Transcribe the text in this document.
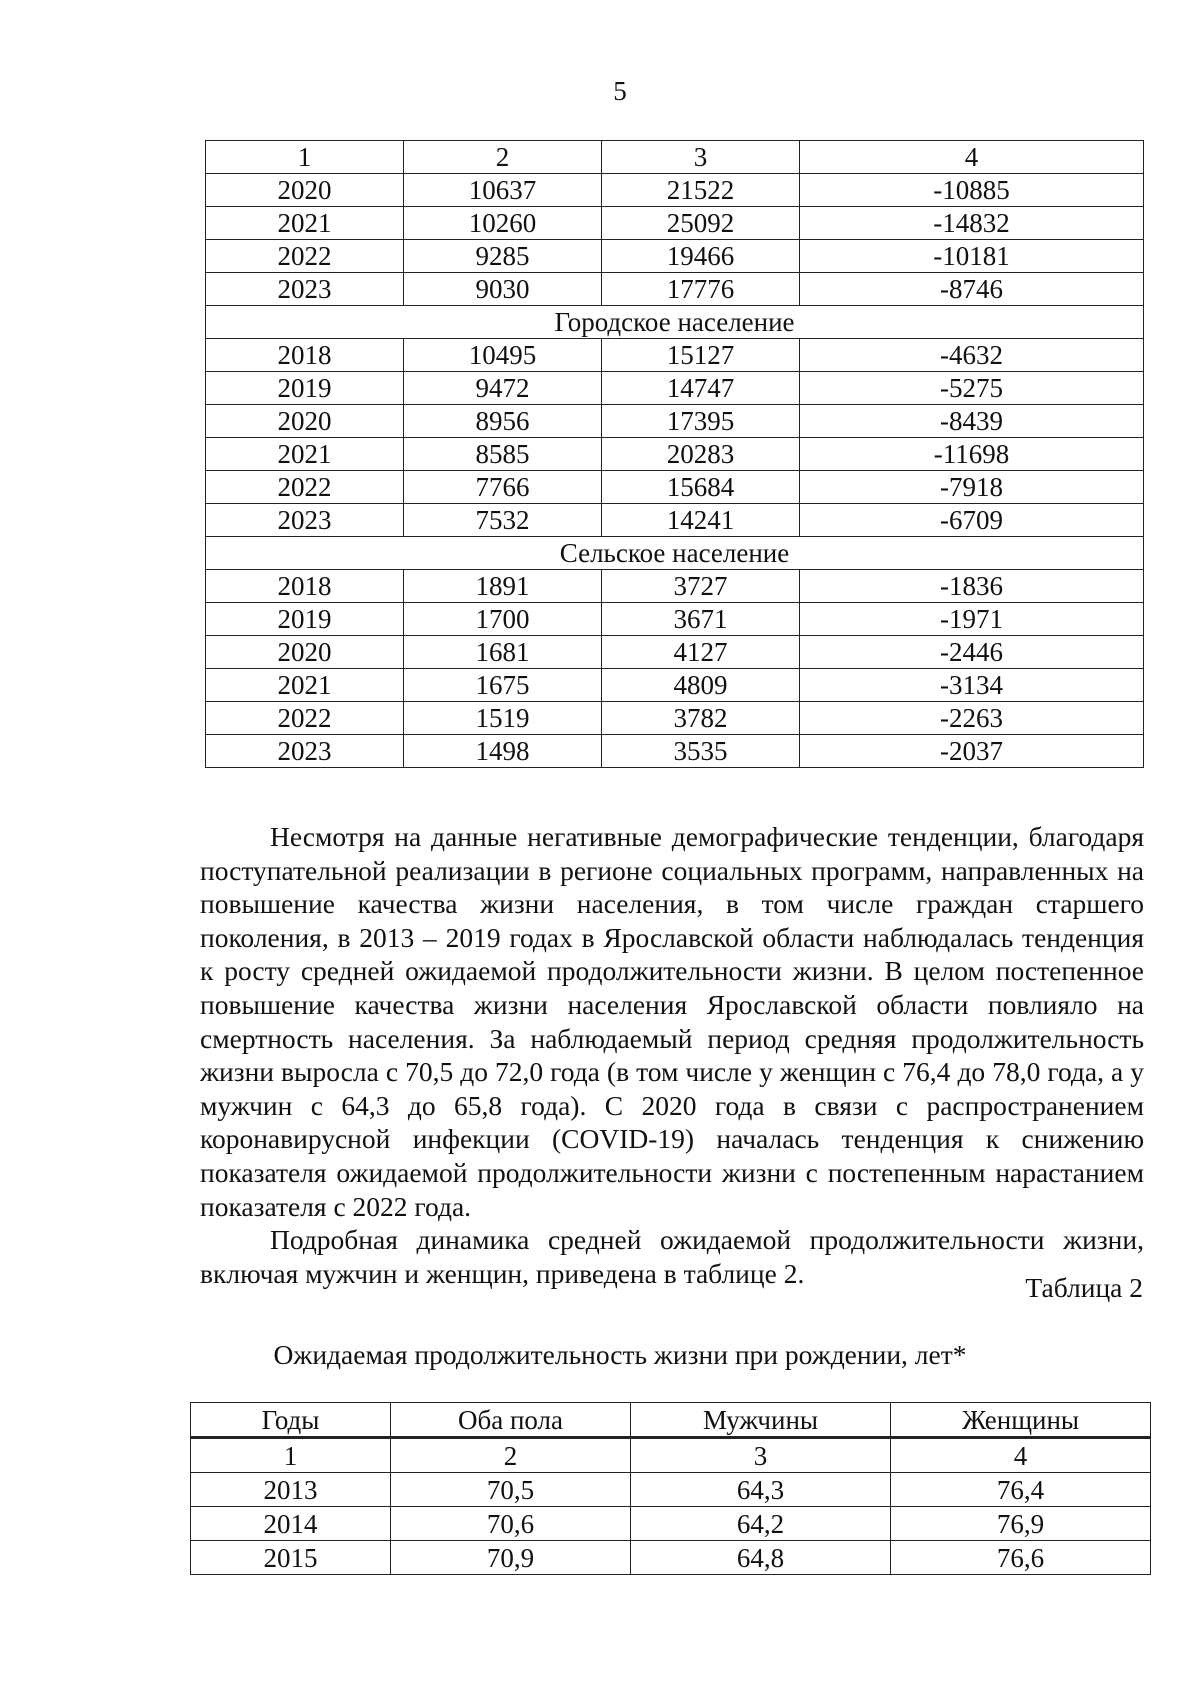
5
1	2	3	4
2020	10637	21522	-10885
2021	10260	25092	-14832
2022	9285	19466	-10181
2023	9030	17776	-8746
Городское население			
2018	10495	15127	-4632
2019	9472	14747	-5275
2020	8956	17395	-8439
2021	8585	20283	-11698
2022	7766	15684	-7918
2023	7532	14241	-6709
Сельское население			
2018	1891	3727	-1836
2019	1700	3671	-1971
2020	1681	4127	-2446
2021	1675	4809	-3134
2022	1519	3782	-2263
2023	1498	3535	-2037

Несмотря на данные негативные демографические тенденции, благодаря поступательной реализации в регионе социальных программ, направленных на повышение качества жизни населения, в том числе граждан старшего поколения, в 2013 – 2019 годах в Ярославской области наблюдалась тенденция к росту средней ожидаемой продолжительности жизни. В целом постепенное повышение качества жизни населения Ярославской области повлияло на смертность населения. За наблюдаемый период средняя продолжительность жизни выросла с 70,5 до 72,0 года (в том числе у женщин с 76,4 до 78,0 года, а у мужчин с 64,3 до 65,8 года). С 2020 года в связи с распространением коронавирусной инфекции (COVID-19) началась тенденция к снижению показателя ожидаемой продолжительности жизни с постепенным нарастанием показателя с 2022 года.

Подробная динамика средней ожидаемой продолжительности жизни, включая мужчин и женщин, приведена в таблице 2.	Таблица 2
Ожидаемая продолжительность жизни при рождении, лет*
Годы	Оба пола	Мужчины	Женщины
1	2	3	4
2013	70,5	64,3	76,4
2014	70,6	64,2	76,9
2015	70,9	64,8	76,6
